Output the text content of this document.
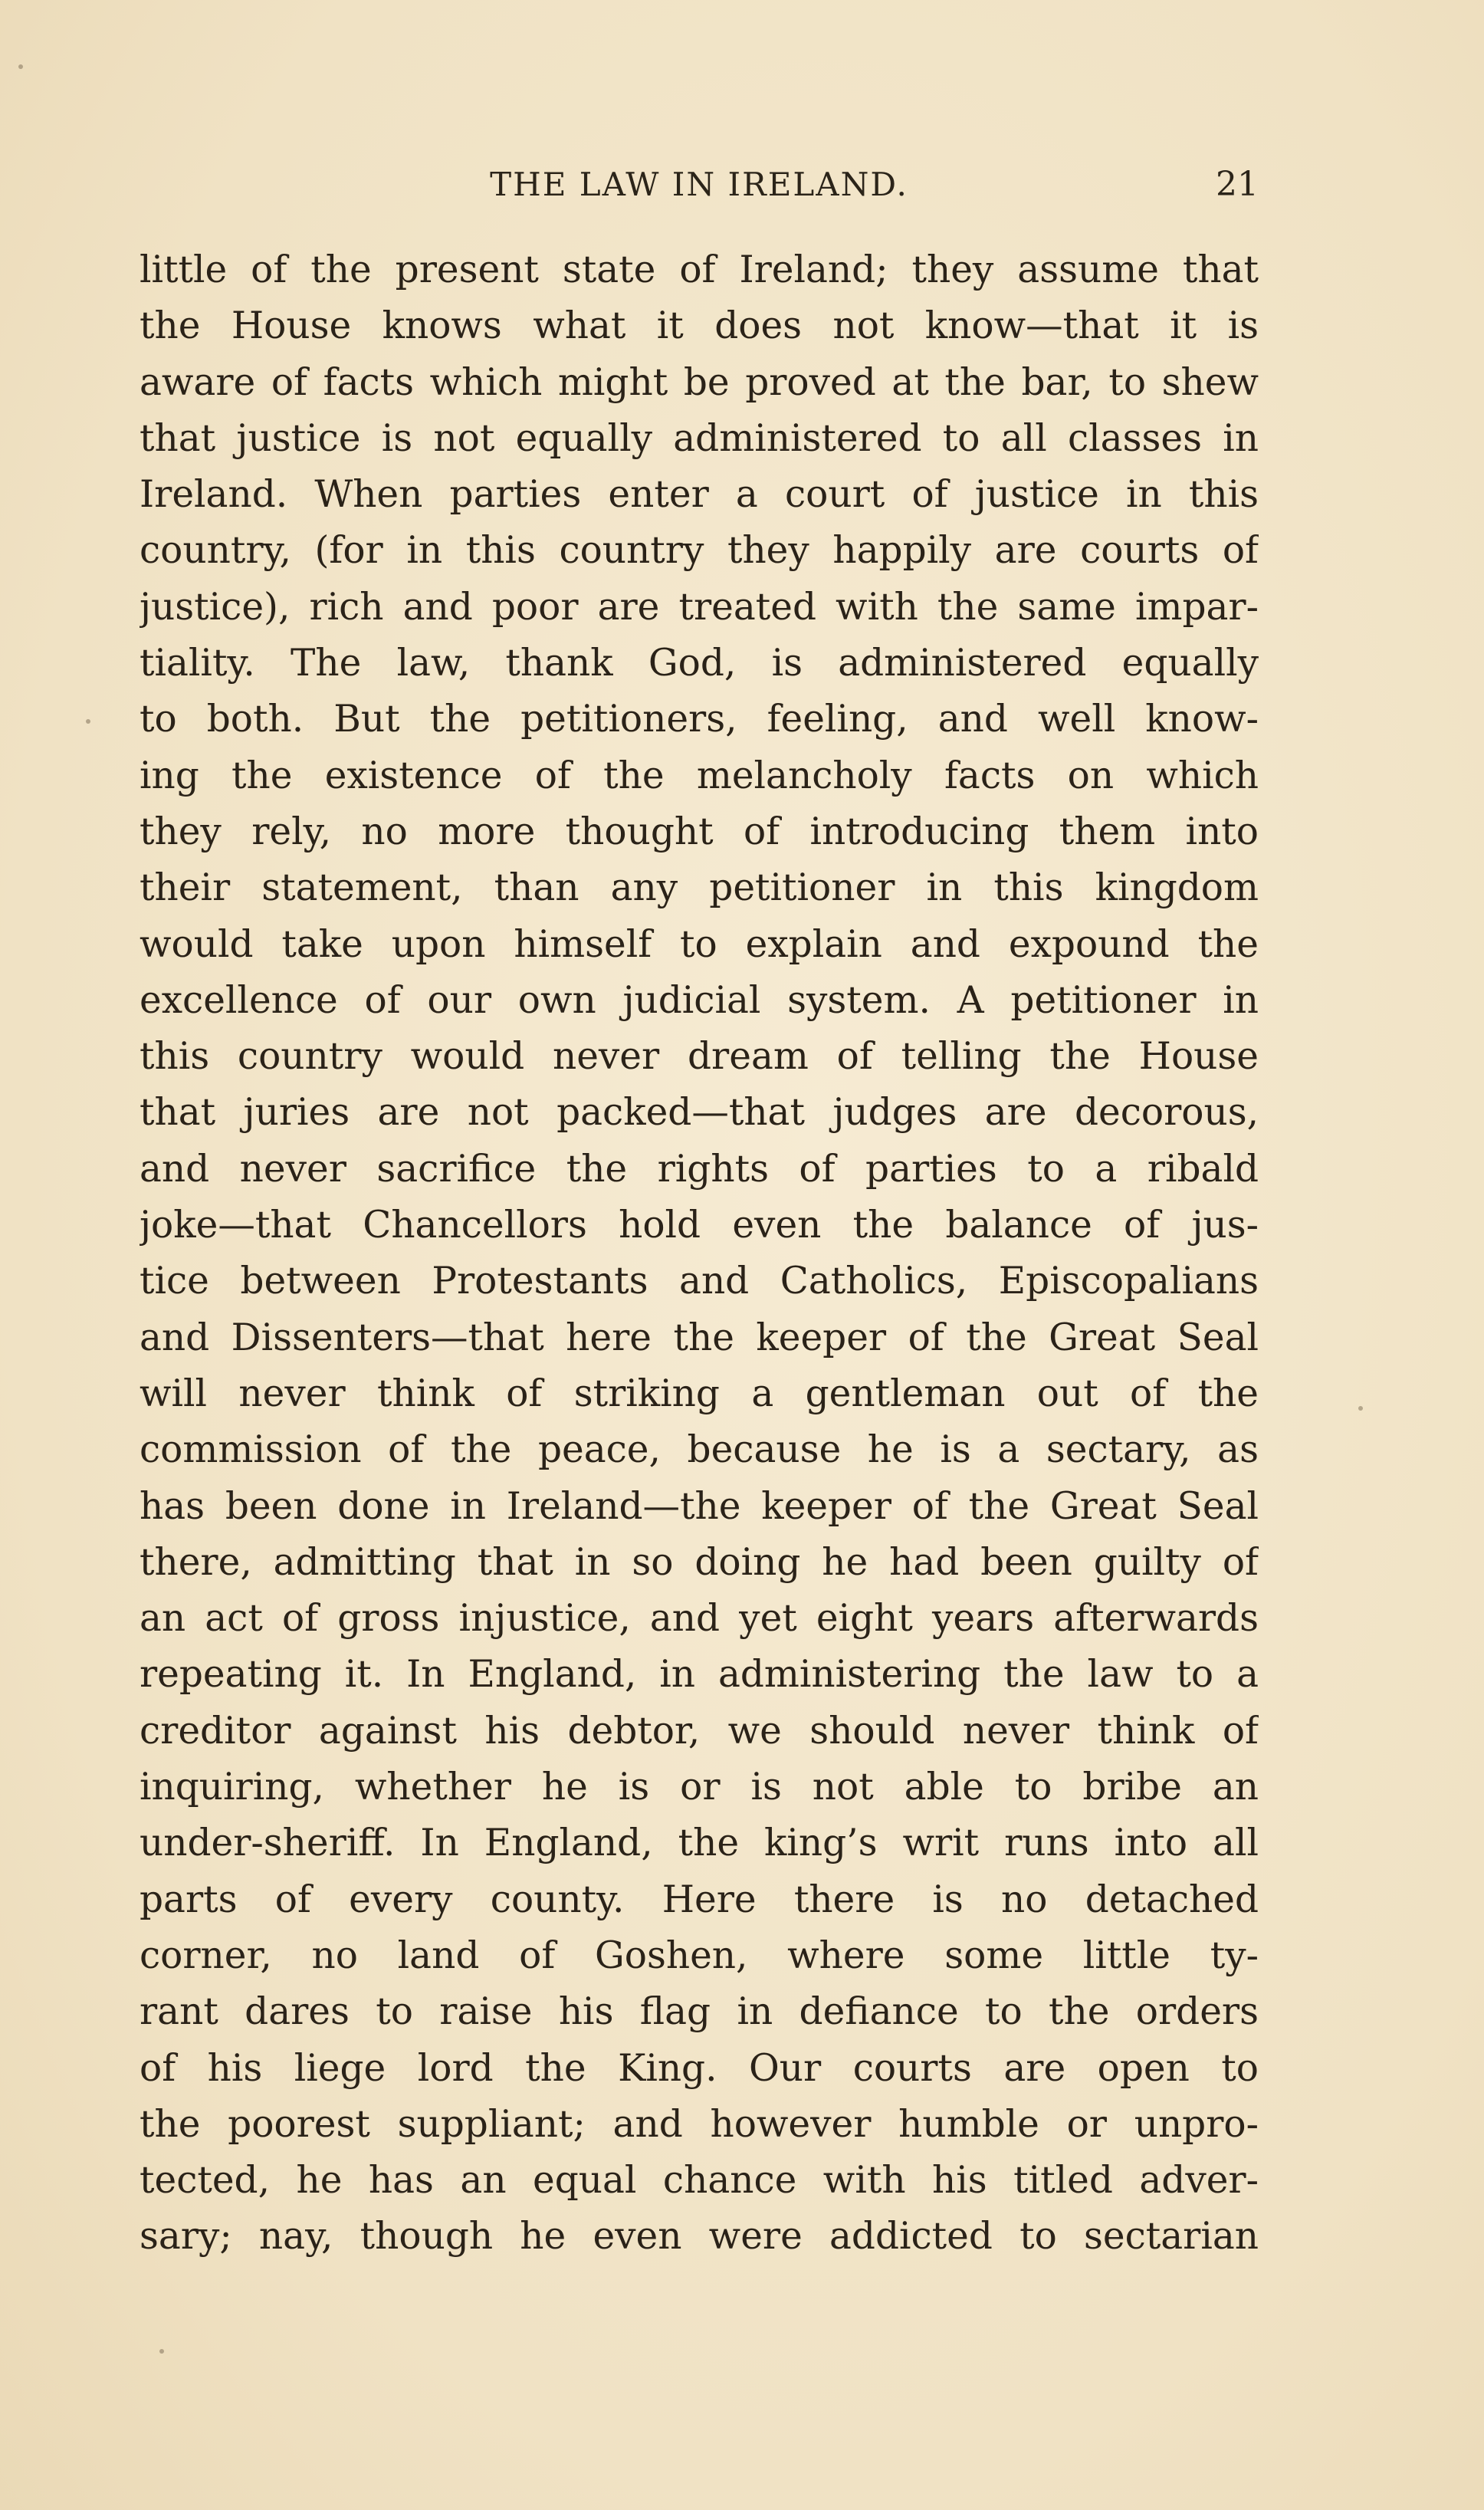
THE LAW IN IRELAND.	21
little of the present state of Ireland; they assume that
the House knows what it does not know—that it is
aware of facts which might be proved at the bar, to shew
that justice is not equally administered to all classes in
Ireland. When parties enter a court of justice in this
country, (for in this country they happily are courts of
justice), rich and poor are treated with the same impar-
tiality. The law, thank God, is administered equally
to both. But the petitioners, feeling, and well know-
ing the existence of the melancholy facts on which
they rely, no more thought of introducing them into
their statement, than any petitioner in this kingdom
would take upon himself to explain and expound the
excellence of our own judicial system. A petitioner in
this country would never dream of telling the House
that juries are not packed—that judges are decorous,
and never sacrifice the rights of parties to a ribald
joke—that Chancellors hold even the balance of jus-
tice between Protestants and Catholics, Episcopalians
and Dissenters—that here the keeper of the Great Seal
will never think of striking a gentleman out of the
commission of the peace, because he is a sectary, as
has been done in Ireland—the keeper of the Great Seal
there, admitting that in so doing he had been guilty of
an act of gross injustice, and yet eight years afterwards
repeating it. In England, in administering the law to a
creditor against his debtor, we should never think of
inquiring, whether he is or is not able to bribe an
under-sheriff. In England, the king’s writ runs into all
parts of every county. Here there is no detached
corner, no land of Goshen, where some little ty-
rant dares to raise his flag in defiance to the orders
of his liege lord the King. Our courts are open to
the poorest suppliant; and however humble or unpro-
tected, he has an equal chance with his titled adver-
sary; nay, though he even were addicted to sectarian
